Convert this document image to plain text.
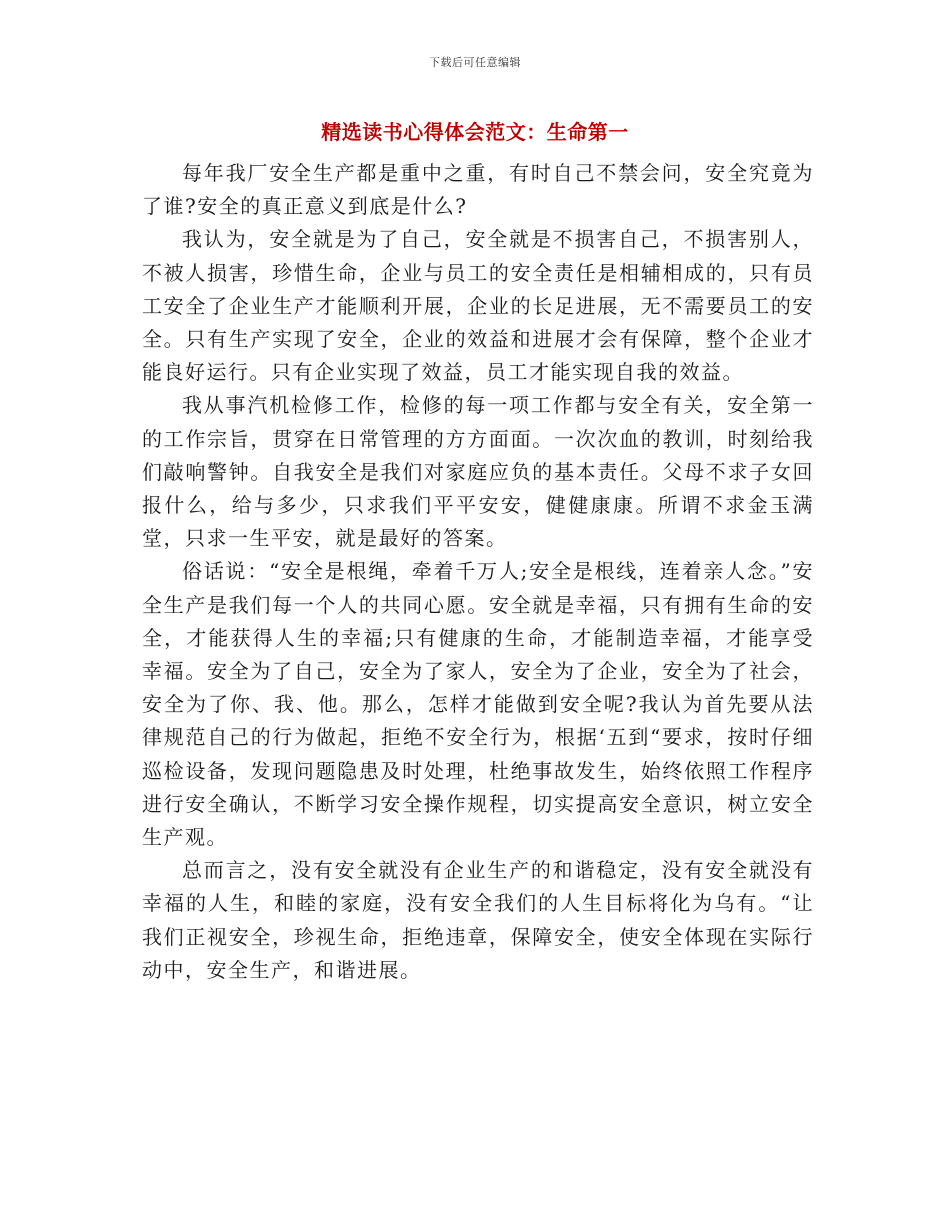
下载后可任意编辑
精选读书心得体会范文：生命第一

每年我厂安全生产都是重中之重，有时自己不禁会问，安全究竟为了谁?安全的真正意义到底是什么?

我认为，安全就是为了自己，安全就是不损害自己，不损害别人，不被人损害，珍惜生命，企业与员工的安全责任是相辅相成的，只有员工安全了企业生产才能顺利开展，企业的长足进展，无不需要员工的安全。只有生产实现了安全，企业的效益和进展才会有保障，整个企业才能良好运行。只有企业实现了效益，员工才能实现自我的效益。

我从事汽机检修工作，检修的每一项工作都与安全有关，安全第一的工作宗旨，贯穿在日常管理的方方面面。一次次血的教训，时刻给我们敲响警钟。自我安全是我们对家庭应负的基本责任。父母不求子女回报什么，给与多少，只求我们平平安安，健健康康。所谓不求金玉满堂，只求一生平安，就是最好的答案。

俗话说：“安全是根绳，牵着千万人;安全是根线，连着亲人念。”安全生产是我们每一个人的共同心愿。安全就是幸福，只有拥有生命的安全，才能获得人生的幸福;只有健康的生命，才能制造幸福，才能享受幸福。安全为了自己，安全为了家人，安全为了企业，安全为了社会，安全为了你、我、他。那么，怎样才能做到安全呢?我认为首先要从法律规范自己的行为做起，拒绝不安全行为，根据‘五到“要求，按时仔细巡检设备，发现问题隐患及时处理，杜绝事故发生，始终依照工作程序进行安全确认，不断学习安全操作规程，切实提高安全意识，树立安全生产观。

总而言之，没有安全就没有企业生产的和谐稳定，没有安全就没有幸福的人生，和睦的家庭，没有安全我们的人生目标将化为乌有。“让我们正视安全，珍视生命，拒绝违章，保障安全，使安全体现在实际行动中，安全生产，和谐进展。
